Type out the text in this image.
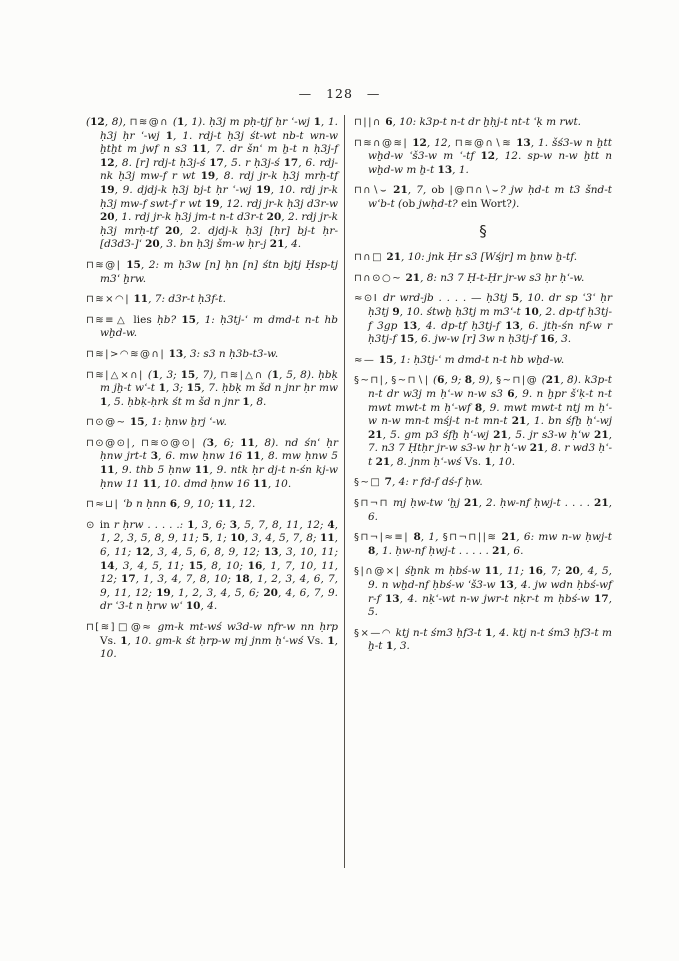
— 128 —
(12, 8), ⊓≋@∩ (1, 1). ḥ3j m pḥ-tjf ḥr ʿ-wj 1, 1. ḥ3j ḥr ʿ-wj 1, 1. rdj-t ḥ3j śt-wt nb-t wn-w ḫtḫt m jwf n s3 11, 7. dr šnʿ m ẖ-t n ḥ3j-f 12, 8. [r] rdj-t ḥ3j-ś 17, 5. r ḥ3j-ś 17, 6. rdj-nk ḥ3j mw-f r wt 19, 8. rdj jr-k ḥ3j mrḥ-tf 19, 9. djdj-k ḥ3j bj-t ḥr ʿ-wj 19, 10. rdj jr-k ḥ3j mw-f swt-f r wt 19, 12. rdj jr-k ḥ3j d3r-w 20, 1. rdj jr-k ḥ3j jm-t n-t d3r-t 20, 2. rdj jr-k ḥ3j mrḥ-tf 20, 2. djdj-k ḥ3j [ḥr] bj-t ḥr-[d3d3-]ʿ 20, 3. bn ḥ3j šm-w ḥr-j 21, 4.
⊓≋@| 15, 2: m ḥ3w [n] ḥn [n] śtn bjtj Ḥsp-tj m3ʿ ḫrw.
⊓≋×◠| 11, 7: d3r-t ḥ3f-t.
⊓≋≡△ lies ḥb? 15, 1: ḥ3tj-ʿ m dmd-t n-t hb wḫd-w.
⊓≋|>◠≋@∩| 13, 3: s3 n ḥ3b-t3-w.
⊓≋|△×∩| (1, 3; 15, 7), ⊓≋|△∩ (1, 5, 8). ḥbḳ m jḫ-t wʿ-t 1, 3; 15, 7. ḥbḳ m šd n jnr ḥr mw 1, 5. ḥbḳ-ḥrk śt m šd n jnr 1, 8.
⊓⊙@~ 15, 1: ḥnw ẖrj ʿ-w.
⊓⊙@⊙|, ⊓≋⊙@⊙| (3, 6; 11, 8). nd śnʿ ḥr ḥnw jrt-t 3, 6. mw ḥnw 16 11, 8. mw ḥnw 5 11, 9. thb 5 ḥnw 11, 9. ntk ḥr dj-t n-śn kj-w ḥnw 11 11, 10. dmd ḥnw 16 11, 10.
⊓≈⊔| ʿb n ḥnn 6, 9, 10; 11, 12.
⊙ in r ḥrw . . . . .: 1, 3, 6; 3, 5, 7, 8, 11, 12; 4, 1, 2, 3, 5, 8, 9, 11; 5, 1; 10, 3, 4, 5, 7, 8; 11, 6, 11; 12, 3, 4, 5, 6, 8, 9, 12; 13, 3, 10, 11; 14, 3, 4, 5, 11; 15, 8, 10; 16, 1, 7, 10, 11, 12; 17, 1, 3, 4, 7, 8, 10; 18, 1, 2, 3, 4, 6, 7, 9, 11, 12; 19, 1, 2, 3, 4, 5, 6; 20, 4, 6, 7, 9. dr ʿ3-t n ḥrw wʿ 10, 4.
⊓[≋]□@≈ gm-k mt-wś w3d-w nfr-w nn ḥrp Vs. 1, 10. gm-k śt ḥrp-w mj jnm ḥʿ-wś Vs. 1, 10.
⊓||∩ 6, 10: k3p-t n-t dr ḫḥj-t nt-t ʿḳ m rwt.
⊓≋∩@≋| 12, 12, ⊓≋@∩∖≋ 13, 1. šś3-w n ḫtt wḫd-w ʿš3-w m ʿ-tf 12, 12. sp-w n-w ḫtt n wḫd-w m ẖ-t 13, 1.
⊓∩∖⌣ 21, 7, ob |@⊓∩∖⌣? jw ḥd-t m t3 šnd-t wʿb-t (ob jwḥd-t? ein Wort?).
§
⊓∩□ 21, 10: jnk Ḥr s3 [Wśjr] m ẖnw ẖ-tf.
⊓∩⊙○~ 21, 8: n3 7 Ḥ-t-Ḥr jr-w s3 ḥr ḥʿ-w.
≈⊙I dr wrd-jb . . . . — ḥ3tj 5, 10. dr sp ʿ3ʿ ḥr ḥ3tj 9, 10. śtwḫ ḥ3tj m m3ʿ-t 10, 2. dp-tf ḥ3tj-f 3gp 13, 4. dp-tf ḥ3tj-f 13, 6. jtḥ-śn nf-w r ḥ3tj-f 15, 6. jw-w [r] 3w n ḥ3tj-f 16, 3.
≈— 15, 1: ḥ3tj-ʿ m dmd-t n-t hb wḫd-w.
§~⊓|, §~⊓∖| (6, 9; 8, 9), §~⊓|@ (21, 8). k3p-t n-t dr w3j m ḥʿ-w n-w s3 6, 9. n ḫpr šʿḳ-t n-t mwt mwt-t m ḥʿ-wf 8, 9. mwt mwt-t ntj m ḥʿ-w n-w mn-t mśj-t n-t mn-t 21, 1. bn śfḫ ḥʿ-wj 21, 5. gm p3 śfḫ ḥʿ-wj 21, 5. jr s3-w ḥʿw 21, 7. n3 7 Ḥtḥr jr-w s3-w ḥr ḥʿ-w 21, 8. r wd3 ḥʿ-t 21, 8. jnm ḥʿ-wś Vs. 1, 10.
§~□ 7, 4: r fd-f dś-f ḥw.
§⊓¬⊓ mj ḥw-tw ʿḫj 21, 2. ḥw-nf ḥwj-t . . . . 21, 6.
§⊓¬|≈≡| 8, 1, §⊓¬⊓||≋ 21, 6: mw n-w ḥwj-t 8, 1. ḥw-nf ḥwj-t . . . . . 21, 6.
§|∩@×| śḫnk m ḥbś-w 11, 11; 16, 7; 20, 4, 5, 9. n wḫd-nf ḥbś-w ʿš3-w 13, 4. jw wdn ḥbś-wf r-f 13, 4. nḳʿ-wt n-w jwr-t nḳr-t m ḥbś-w 17, 5.
§×—◠ ktj n-t śm3 ḥf3-t 1, 4. ktj n-t śm3 ḥf3-t m ẖ-t 1, 3.
